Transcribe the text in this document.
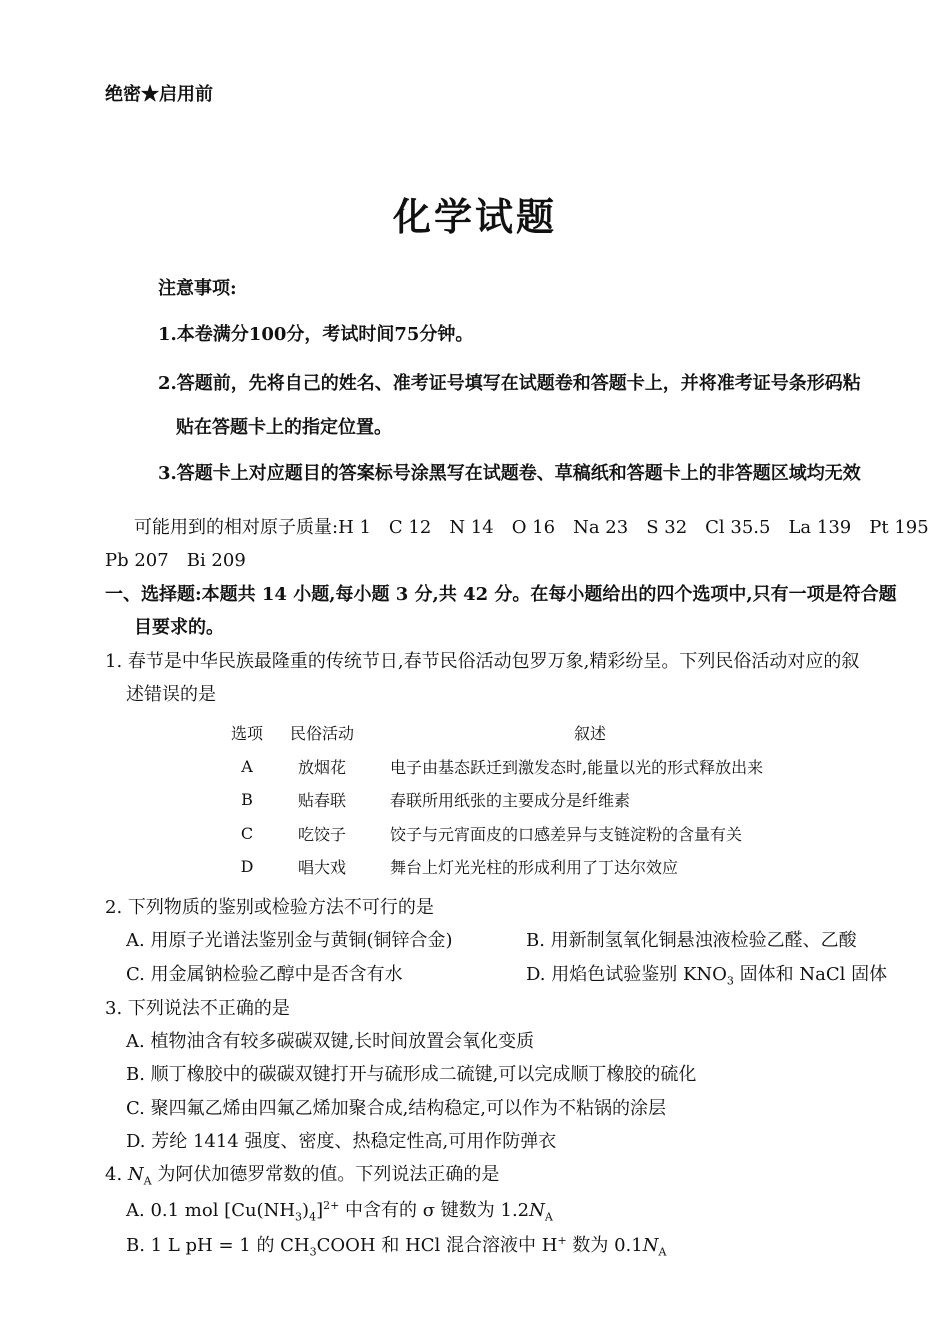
绝密★启用前
化学试题
注意事项:
1.本卷满分100分，考试时间75分钟。
2.答题前，先将自己的姓名、准考证号填写在试题卷和答题卡上，并将准考证号条形码粘
贴在答题卡上的指定位置。
3.答题卡上对应题目的答案标号涂黑写在试题卷、草稿纸和答题卡上的非答题区域均无效
可能用到的相对原子质量:H 1　C 12　N 14　O 16　Na 23　S 32　Cl 35.5　La 139　Pt 195
Pb 207　Bi 209
一、选择题:本题共 14 小题,每小题 3 分,共 42 分。在每小题给出的四个选项中,只有一项是符合题
目要求的。
1. 春节是中华民族最隆重的传统节日,春节民俗活动包罗万象,精彩纷呈。下列民俗活动对应的叙
述错误的是
选项	民俗活动	叙述
A	放烟花	电子由基态跃迁到激发态时,能量以光的形式释放出来
B	贴春联	春联所用纸张的主要成分是纤维素
C	吃饺子	饺子与元宵面皮的口感差异与支链淀粉的含量有关
D	唱大戏	舞台上灯光光柱的形成利用了丁达尔效应
2. 下列物质的鉴别或检验方法不可行的是
A. 用原子光谱法鉴别金与黄铜(铜锌合金)	B. 用新制氢氧化铜悬浊液检验乙醛、乙酸
C. 用金属钠检验乙醇中是否含有水	D. 用焰色试验鉴别 $KNO_3$ 固体和 NaCl 固体
3. 下列说法不正确的是
A. 植物油含有较多碳碳双键,长时间放置会氧化变质
B. 顺丁橡胶中的碳碳双键打开与硫形成二硫键,可以完成顺丁橡胶的硫化
C. 聚四氟乙烯由四氟乙烯加聚合成,结构稳定,可以作为不粘锅的涂层
D. 芳纶 1414 强度、密度、热稳定性高,可用作防弹衣
4. $N_A$ 为阿伏加德罗常数的值。下列说法正确的是
A. 0.1 mol $[Cu(NH_3)_4]^{2+}$ 中含有的 σ 键数为 $1.2N_A$
B. 1 L pH = 1 的 $CH_3COOH$ 和 HCl 混合溶液中 H+ 数为 $0.1N_A$
